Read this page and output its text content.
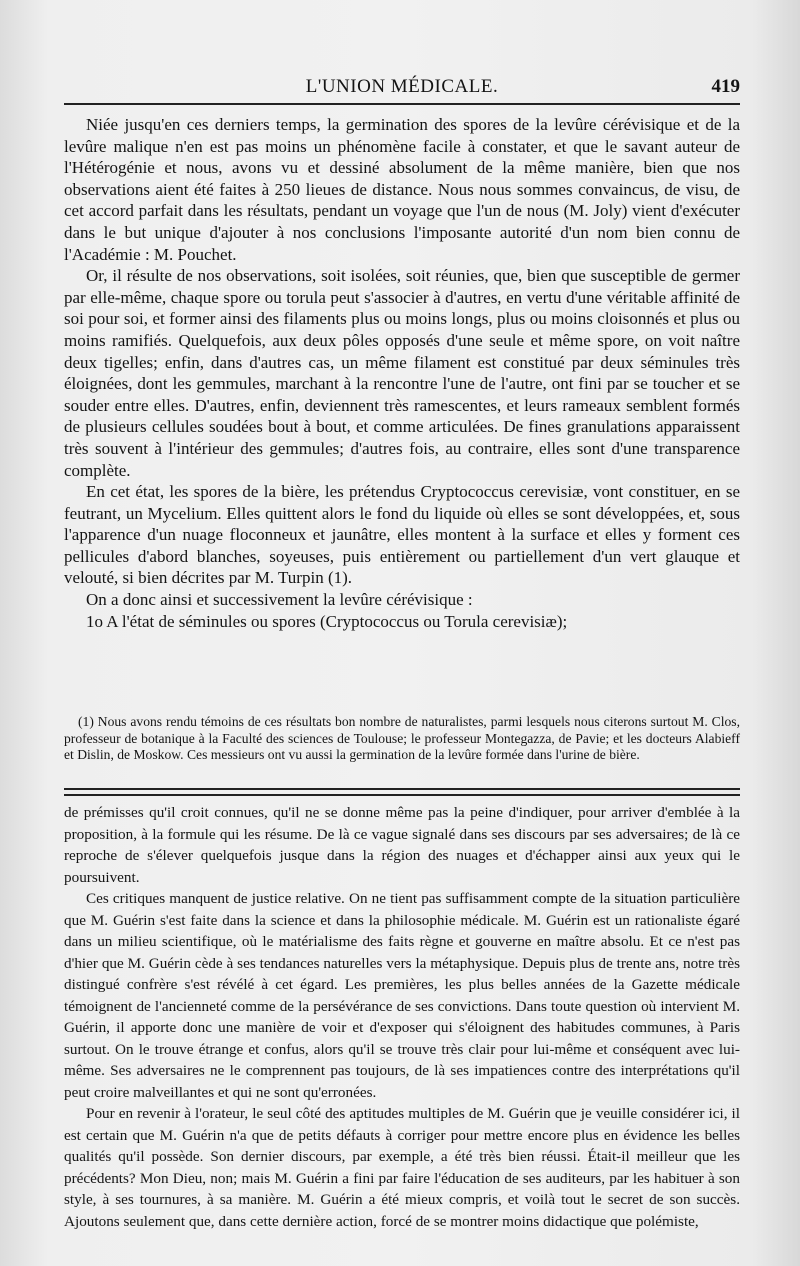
L'UNION MÉDICALE.	419

Niée jusqu'en ces derniers temps, la germination des spores de la levûre cérévisique et de la levûre malique n'en est pas moins un phénomène facile à constater, et que le savant auteur de l'Hétérogénie et nous, avons vu et dessiné absolument de la même manière, bien que nos observations aient été faites à 250 lieues de distance. Nous nous sommes convaincus, de visu, de cet accord parfait dans les résultats, pendant un voyage que l'un de nous (M. Joly) vient d'exécuter dans le but unique d'ajouter à nos conclusions l'imposante autorité d'un nom bien connu de l'Académie : M. Pouchet.

Or, il résulte de nos observations, soit isolées, soit réunies, que, bien que susceptible de germer par elle-même, chaque spore ou torula peut s'associer à d'autres, en vertu d'une véritable affinité de soi pour soi, et former ainsi des filaments plus ou moins longs, plus ou moins cloisonnés et plus ou moins ramifiés. Quelquefois, aux deux pôles opposés d'une seule et même spore, on voit naître deux tigelles; enfin, dans d'autres cas, un même filament est constitué par deux séminules très éloignées, dont les gemmules, marchant à la rencontre l'une de l'autre, ont fini par se toucher et se souder entre elles. D'autres, enfin, deviennent très ramescentes, et leurs rameaux semblent formés de plusieurs cellules soudées bout à bout, et comme articulées. De fines granulations apparaissent très souvent à l'intérieur des gemmules; d'autres fois, au contraire, elles sont d'une transparence complète.

En cet état, les spores de la bière, les prétendus Cryptococcus cerevisiæ, vont constituer, en se feutrant, un Mycelium. Elles quittent alors le fond du liquide où elles se sont développées, et, sous l'apparence d'un nuage floconneux et jaunâtre, elles montent à la surface et elles y forment ces pellicules d'abord blanches, soyeuses, puis entièrement ou partiellement d'un vert glauque et velouté, si bien décrites par M. Turpin (1).

On a donc ainsi et successivement la levûre cérévisique :

1o A l'état de séminules ou spores (Cryptococcus ou Torula cerevisiæ);

(1) Nous avons rendu témoins de ces résultats bon nombre de naturalistes, parmi lesquels nous citerons surtout M. Clos, professeur de botanique à la Faculté des sciences de Toulouse; le professeur Montegazza, de Pavie; et les docteurs Alabieff et Dislin, de Moskow. Ces messieurs ont vu aussi la germination de la levûre formée dans l'urine de bière.

de prémisses qu'il croit connues, qu'il ne se donne même pas la peine d'indiquer, pour arriver d'emblée à la proposition, à la formule qui les résume. De là ce vague signalé dans ses discours par ses adversaires; de là ce reproche de s'élever quelquefois jusque dans la région des nuages et d'échapper ainsi aux yeux qui le poursuivent.

Ces critiques manquent de justice relative. On ne tient pas suffisamment compte de la situation particulière que M. Guérin s'est faite dans la science et dans la philosophie médicale. M. Guérin est un rationaliste égaré dans un milieu scientifique, où le matérialisme des faits règne et gouverne en maître absolu. Et ce n'est pas d'hier que M. Guérin cède à ses tendances naturelles vers la métaphysique. Depuis plus de trente ans, notre très distingué confrère s'est révélé à cet égard. Les premières, les plus belles années de la Gazette médicale témoignent de l'ancienneté comme de la persévérance de ses convictions. Dans toute question où intervient M. Guérin, il apporte donc une manière de voir et d'exposer qui s'éloignent des habitudes communes, à Paris surtout. On le trouve étrange et confus, alors qu'il se trouve très clair pour lui-même et conséquent avec lui-même. Ses adversaires ne le comprennent pas toujours, de là ses impatiences contre des interprétations qu'il peut croire malveillantes et qui ne sont qu'erronées.

Pour en revenir à l'orateur, le seul côté des aptitudes multiples de M. Guérin que je veuille considérer ici, il est certain que M. Guérin n'a que de petits défauts à corriger pour mettre encore plus en évidence les belles qualités qu'il possède. Son dernier discours, par exemple, a été très bien réussi. Était-il meilleur que les précédents? Mon Dieu, non; mais M. Guérin a fini par faire l'éducation de ses auditeurs, par les habituer à son style, à ses tournures, à sa manière. M. Guérin a été mieux compris, et voilà tout le secret de son succès. Ajoutons seulement que, dans cette dernière action, forcé de se montrer moins didactique que polémiste,
